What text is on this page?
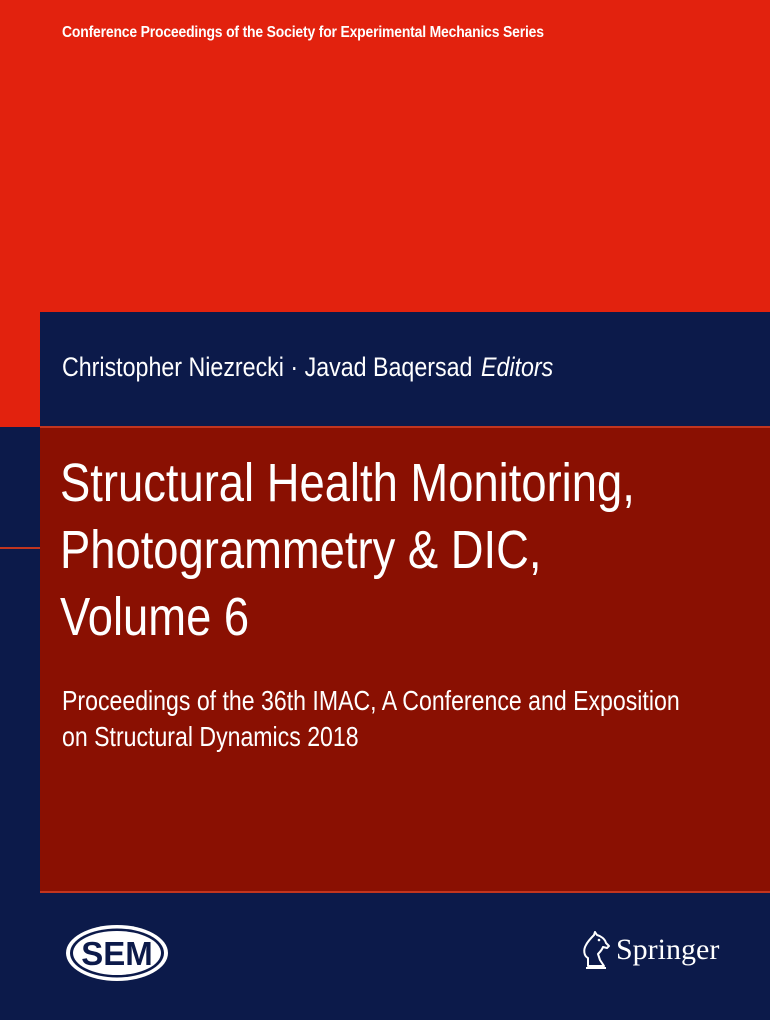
Conference Proceedings of the Society for Experimental Mechanics Series
Christopher Niezrecki · Javad Baqersad Editors
Structural Health Monitoring,
Photogrammetry & DIC,
Volume 6
Proceedings of the 36th IMAC, A Conference and Exposition
on Structural Dynamics 2018
SEM	Springer
